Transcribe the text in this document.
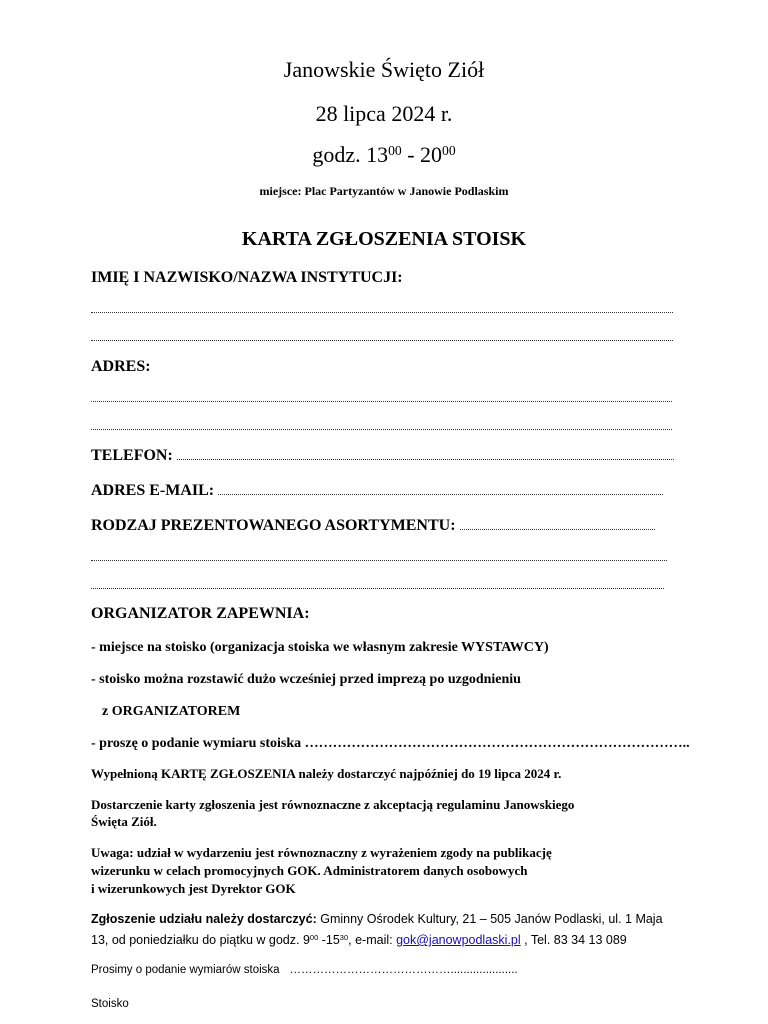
Janowskie Święto Ziół
28 lipca 2024 r.
godz. $13^{00} - 20^{00}$
miejsce: Plac Partyzantów w Janowie Podlaskim
KARTA ZGŁOSZENIA STOISK
IMIĘ I NAZWISKO/NAZWA INSTYTUCJI:
ADRES:
TELEFON:
ADRES E-MAIL:
RODZAJ PREZENTOWANEGO ASORTYMENTU:
ORGANIZATOR ZAPEWNIA:
- miejsce na stoisko (organizacja stoiska we własnym zakresie WYSTAWCY)
- stoisko można rozstawić dużo wcześniej przed imprezą po uzgodnieniu
z ORGANIZATOREM
- proszę o podanie wymiaru stoiska ………………………………………………………………………..
Wypełnioną KARTĘ ZGŁOSZENIA należy dostarczyć najpóźniej do 19 lipca 2024 r.
Dostarczenie karty zgłoszenia jest równoznaczne z akceptacją regulaminu Janowskiego
Święta Ziół.
Uwaga: udział w wydarzeniu jest równoznaczny z wyrażeniem zgody na publikację
wizerunku w celach promocyjnych GOK. Administratorem danych osobowych
i wizerunkowych jest Dyrektor GOK
Zgłoszenie udziału należy dostarczyć: Gminny Ośrodek Kultury, 21 – 505 Janów Podlaski, ul. 1 Maja
13, od poniedziałku do piątku w godz. $9^{00}$ $-15^{30}$, e-mail: gok@janowpodlaski.pl , Tel. 83 34 13 089
Prosimy o podanie wymiarów stoiska …………………………………….....................
Stoisko
